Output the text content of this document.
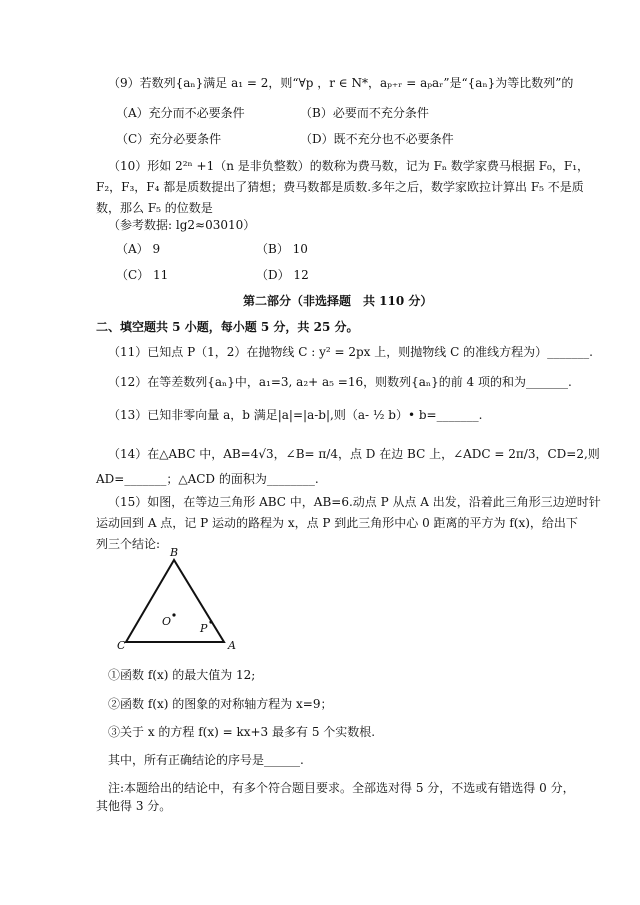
（9）若数列{aₙ}满足 a₁ = 2，则“∀p ，r ∈ N*，aₚ₊ᵣ = aₚaᵣ”是“{aₙ}为等比数列”的
（A）充分而不必要条件	（B）必要而不充分条件
（C）充分必要条件	（D）既不充分也不必要条件
（10）形如 2²ⁿ +1（n 是非负整数）的数称为费马数，记为 Fₙ 数学家费马根据 F₀，F₁，
F₂，F₃，F₄ 都是质数提出了猜想；费马数都是质数.多年之后，数学家欧拉计算出 F₅ 不是质
数，那么 F₅ 的位数是
（参考数据: lg2≈03010）
（A） 9	（B） 10
（C） 11	（D） 12
第二部分（非选择题　共 110 分）
二、填空题共 5 小题，每小题 5 分，共 25 分。
（11）已知点 P（1，2）在抛物线 C : y² = 2px 上，则抛物线 C 的准线方程为）_______.
（12）在等差数列{aₙ}中，a₁=3, a₂+ a₅ =16，则数列{aₙ}的前 4 项的和为_______.
（13）已知非零向量 a，b 满足|a|=|a-b|,则（a- ½ b）• b=_______.
（14）在△ABC 中，AB=4√3，∠B= π/4，点 D 在边 BC 上，∠ADC = 2π/3，CD=2,则
AD=_______；△ACD 的面积为________.
（15）如图，在等边三角形 ABC 中，AB=6.动点 P 从点 A 出发，沿着此三角形三边逆时针
运动回到 A 点，记 P 运动的路程为 x，点 P 到此三角形中心 0 距离的平方为 f(x)，给出下
列三个结论:
B
C	A
O
P
①函数 f(x) 的最大值为 12;
②函数 f(x) 的图象的对称轴方程为 x=9；
③关于 x 的方程 f(x) = kx+3 最多有 5 个实数根.
其中，所有正确结论的序号是______.
注:本题给出的结论中，有多个符合题目要求。全部选对得 5 分，不选或有错选得 0 分，
其他得 3 分。
